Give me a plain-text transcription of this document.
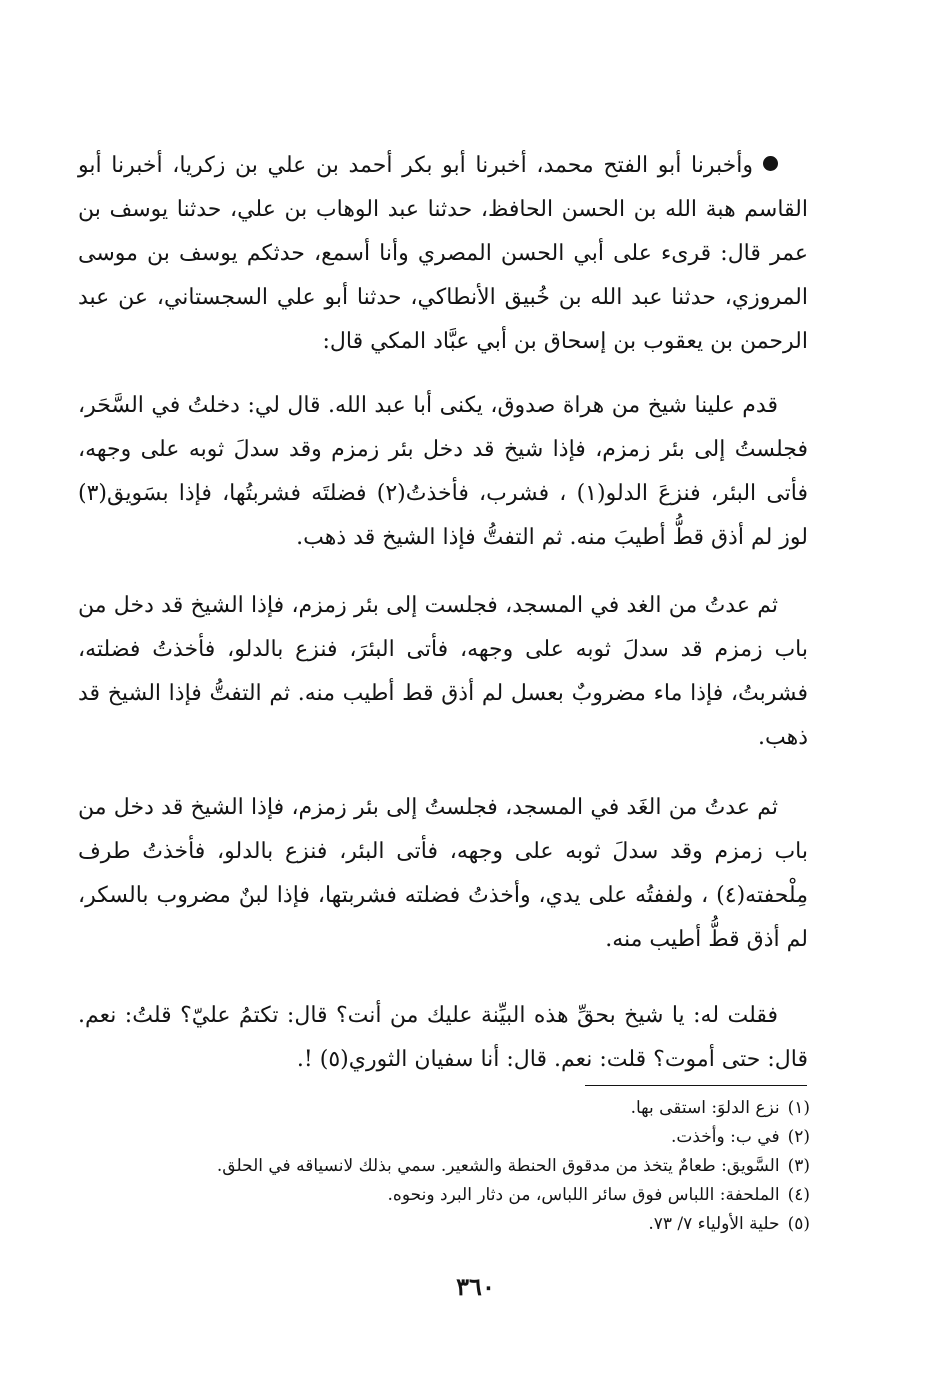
وأخبرنا أبو الفتح محمد، أخبرنا أبو بكر أحمد بن علي بن زكريا، أخبرنا أبو القاسم هبة الله بن الحسن الحافظ، حدثنا عبد الوهاب بن علي، حدثنا يوسف بن عمر قال: قرىء على أبي الحسن المصري وأنا أسمع، حدثكم يوسف بن موسى المروزي، حدثنا عبد الله بن خُبيق الأنطاكي، حدثنا أبو علي السجستاني، عن عبد الرحمن بن يعقوب بن إسحاق بن أبي عبَّاد المكي قال:

قدم علينا شيخ من هراة صدوق، يكنى أبا عبد الله. قال لي: دخلتُ في السَّحَر، فجلستُ إلى بئر زمزم، فإذا شيخ قد دخل بئر زمزم وقد سدلَ ثوبه على وجهه، فأتى البئر، فنزعَ الدلو(١) ، فشرب، فأخذتُ(٢) فضلتَه فشربتُها، فإذا بسَويق(٣) لوز لم أذق قطُّ أطيبَ منه. ثم التفتُّ فإذا الشيخ قد ذهب.

ثم عدتُ من الغد في المسجد، فجلست إلى بئر زمزم، فإذا الشيخ قد دخل من باب زمزم قد سدلَ ثوبه على وجهه، فأتى البئرَ، فنزع بالدلو، فأخذتُ فضلته، فشربتُ، فإذا ماء مضروبٌ بعسل لم أذق قط أطيب منه. ثم التفتُّ فإذا الشيخ قد ذهب.

ثم عدتُ من الغَد في المسجد، فجلستُ إلى بئر زمزم، فإذا الشيخ قد دخل من باب زمزم وقد سدلَ ثوبه على وجهه، فأتى البئر، فنزع بالدلو، فأخذتُ طرف مِلْحفته(٤) ، ولففتُه على يدي، وأخذتُ فضلته فشربتها، فإذا لبنٌ مضروب بالسكر، لم أذق قطُّ أطيب منه.

فقلت له: يا شيخ بحقِّ هذه البيِّنة عليك من أنت؟ قال: تكتمُ عليّ؟ قلتُ: نعم. قال: حتى أموت؟ قلت: نعم. قال: أنا سفيان الثوري(٥) !.

(١)نزع الدلوَ: استقى بها.

(٢)في ب: وأخذت.

(٣)السَّويق: طعامٌ يتخذ من مدقوق الحنطة والشعير. سمي بذلك لانسياقه في الحلق.

(٤)الملحفة: اللباس فوق سائر اللباس، من دثار البرد ونحوه.

(٥)حلية الأولياء ٧/ ٧٣.

٣٦٠
